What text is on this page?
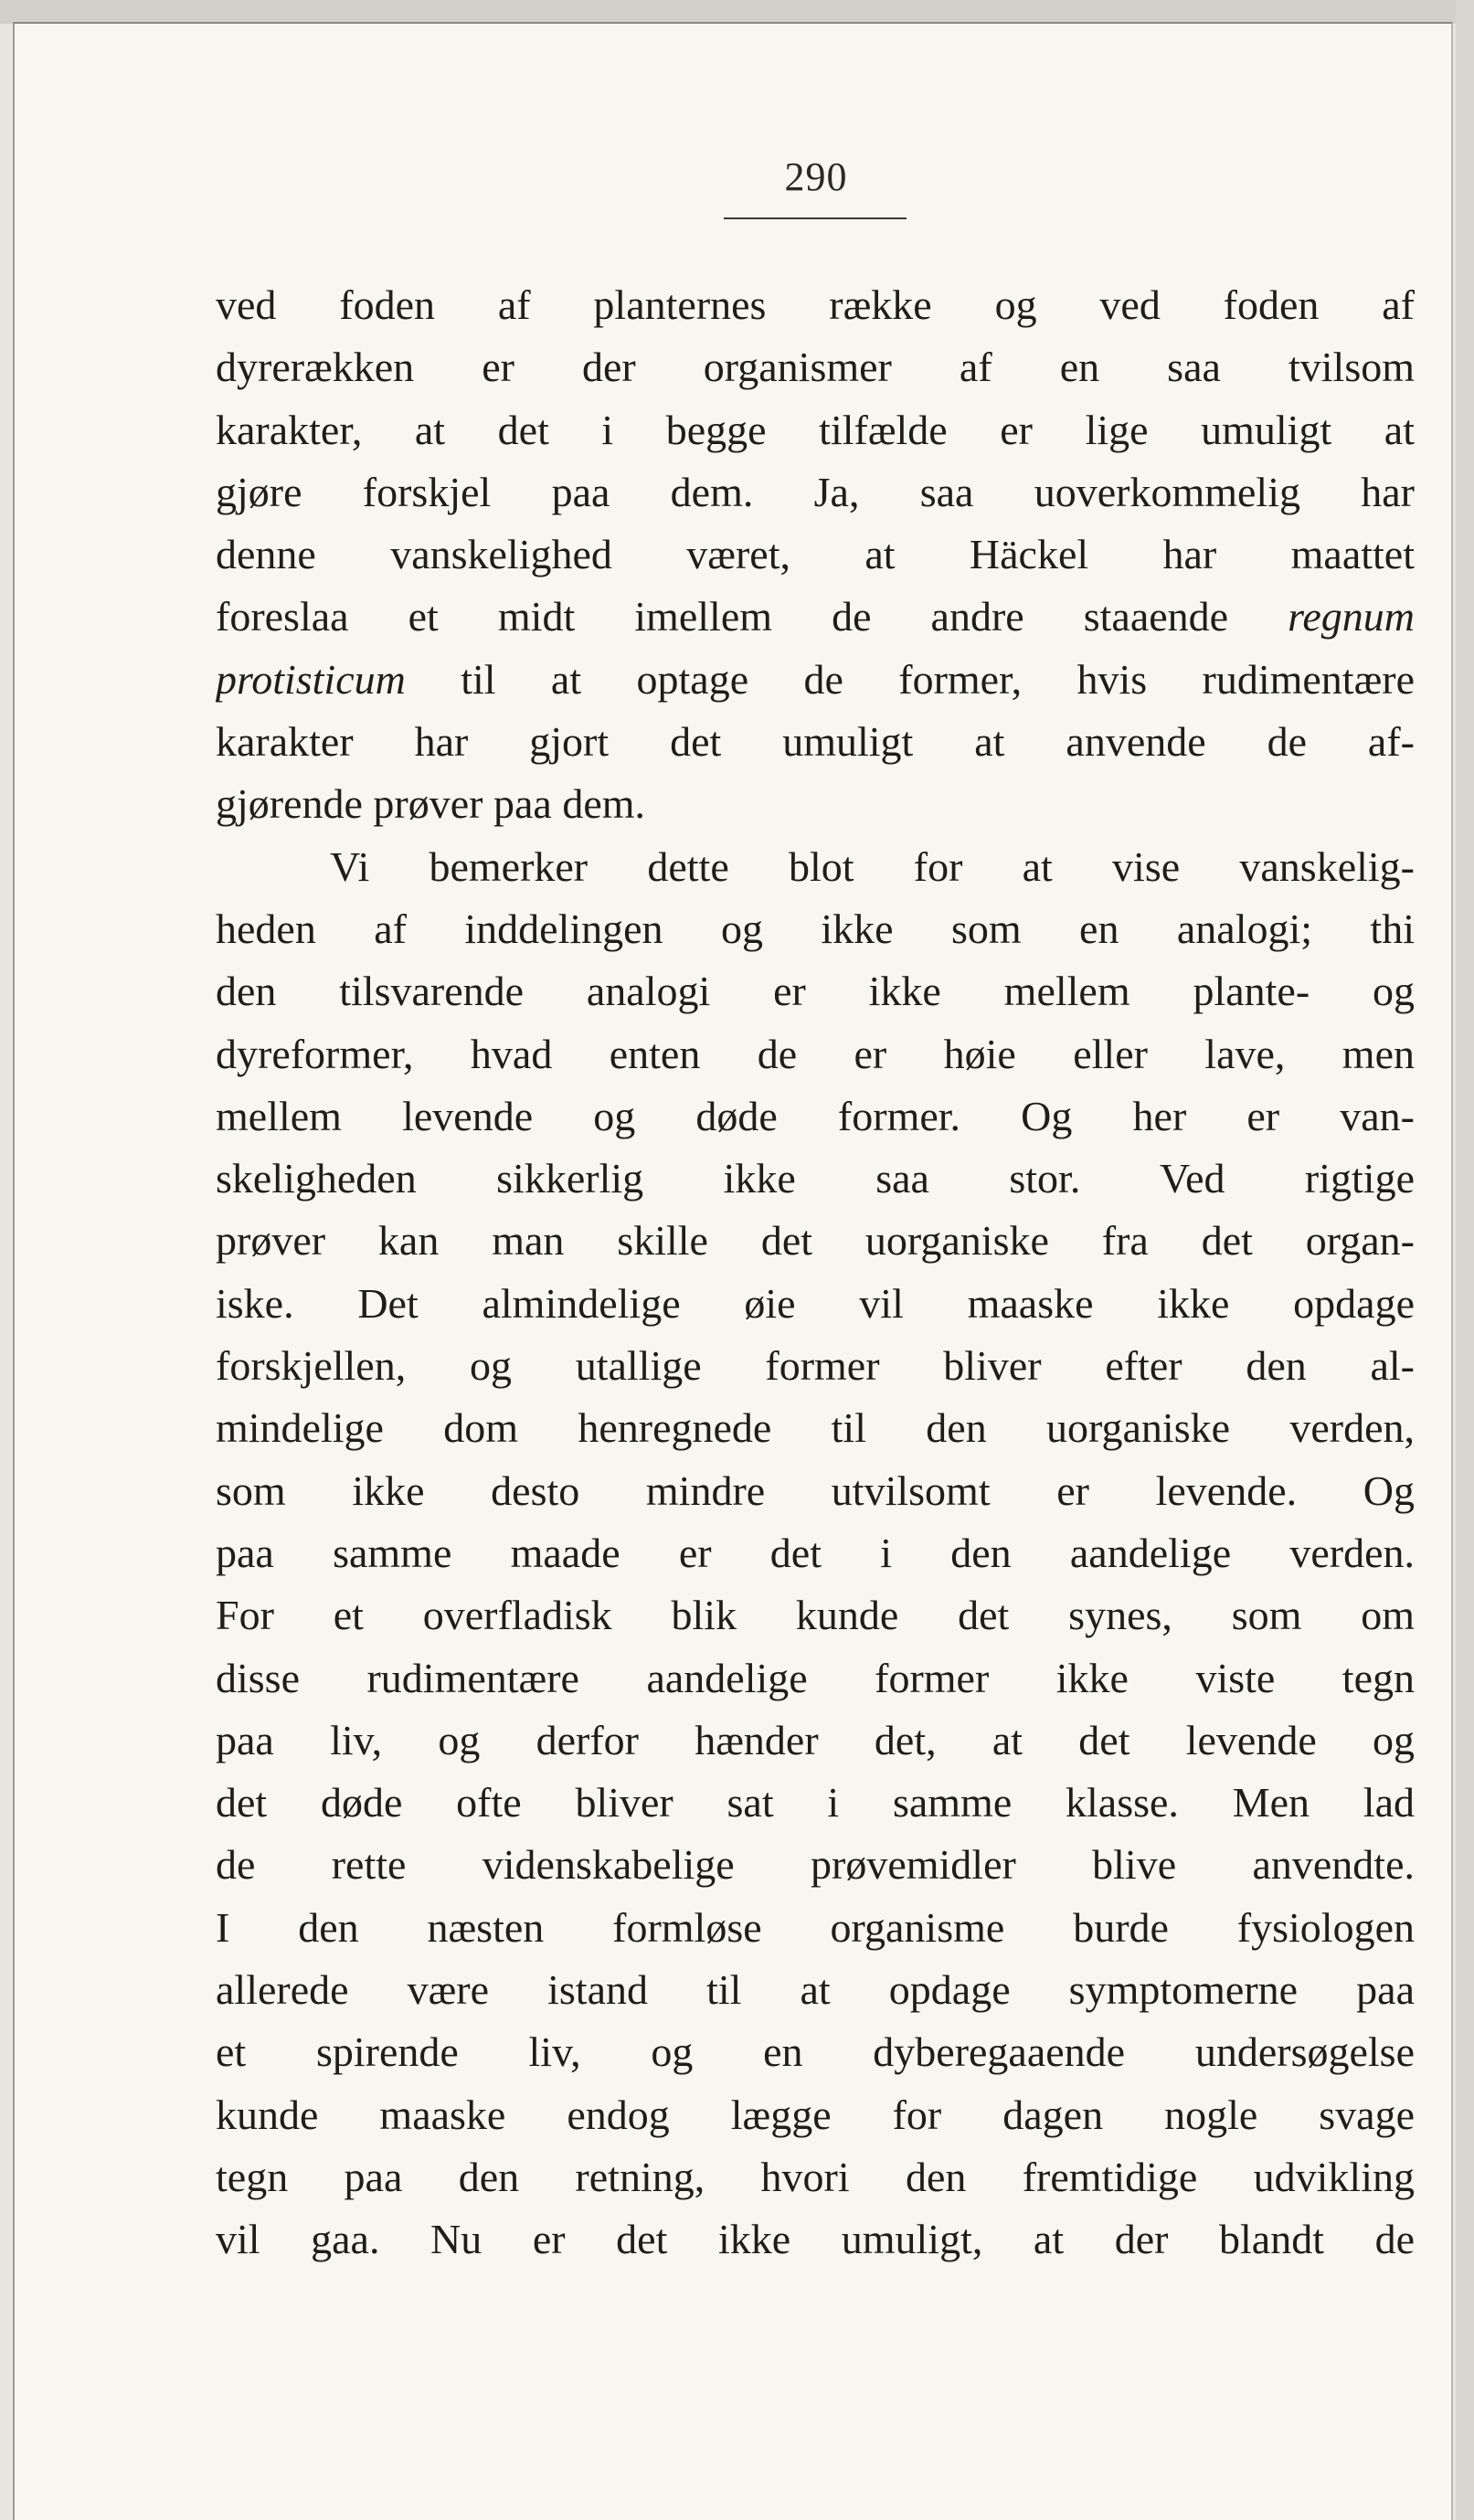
290
ved foden af planternes række og ved foden af
dyrerækken er der organismer af en saa tvilsom
karakter, at det i begge tilfælde er lige umuligt at
gjøre forskjel paa dem. Ja, saa uoverkommelig har
denne vanskelighed været, at Häckel har maattet
foreslaa et midt imellem de andre staaende regnum
protisticum til at optage de former, hvis rudimentære
karakter har gjort det umuligt at anvende de af-
gjørende prøver paa dem.
Vi bemerker dette blot for at vise vanskelig-
heden af inddelingen og ikke som en analogi; thi
den tilsvarende analogi er ikke mellem plante- og
dyreformer, hvad enten de er høie eller lave, men
mellem levende og døde former. Og her er van-
skeligheden sikkerlig ikke saa stor. Ved rigtige
prøver kan man skille det uorganiske fra det organ-
iske. Det almindelige øie vil maaske ikke opdage
forskjellen, og utallige former bliver efter den al-
mindelige dom henregnede til den uorganiske verden,
som ikke desto mindre utvilsomt er levende. Og
paa samme maade er det i den aandelige verden.
For et overfladisk blik kunde det synes, som om
disse rudimentære aandelige former ikke viste tegn
paa liv, og derfor hænder det, at det levende og
det døde ofte bliver sat i samme klasse. Men lad
de rette videnskabelige prøvemidler blive anvendte.
I den næsten formløse organisme burde fysiologen
allerede være istand til at opdage symptomerne paa
et spirende liv, og en dyberegaaende undersøgelse
kunde maaske endog lægge for dagen nogle svage
tegn paa den retning, hvori den fremtidige udvikling
vil gaa. Nu er det ikke umuligt, at der blandt de
